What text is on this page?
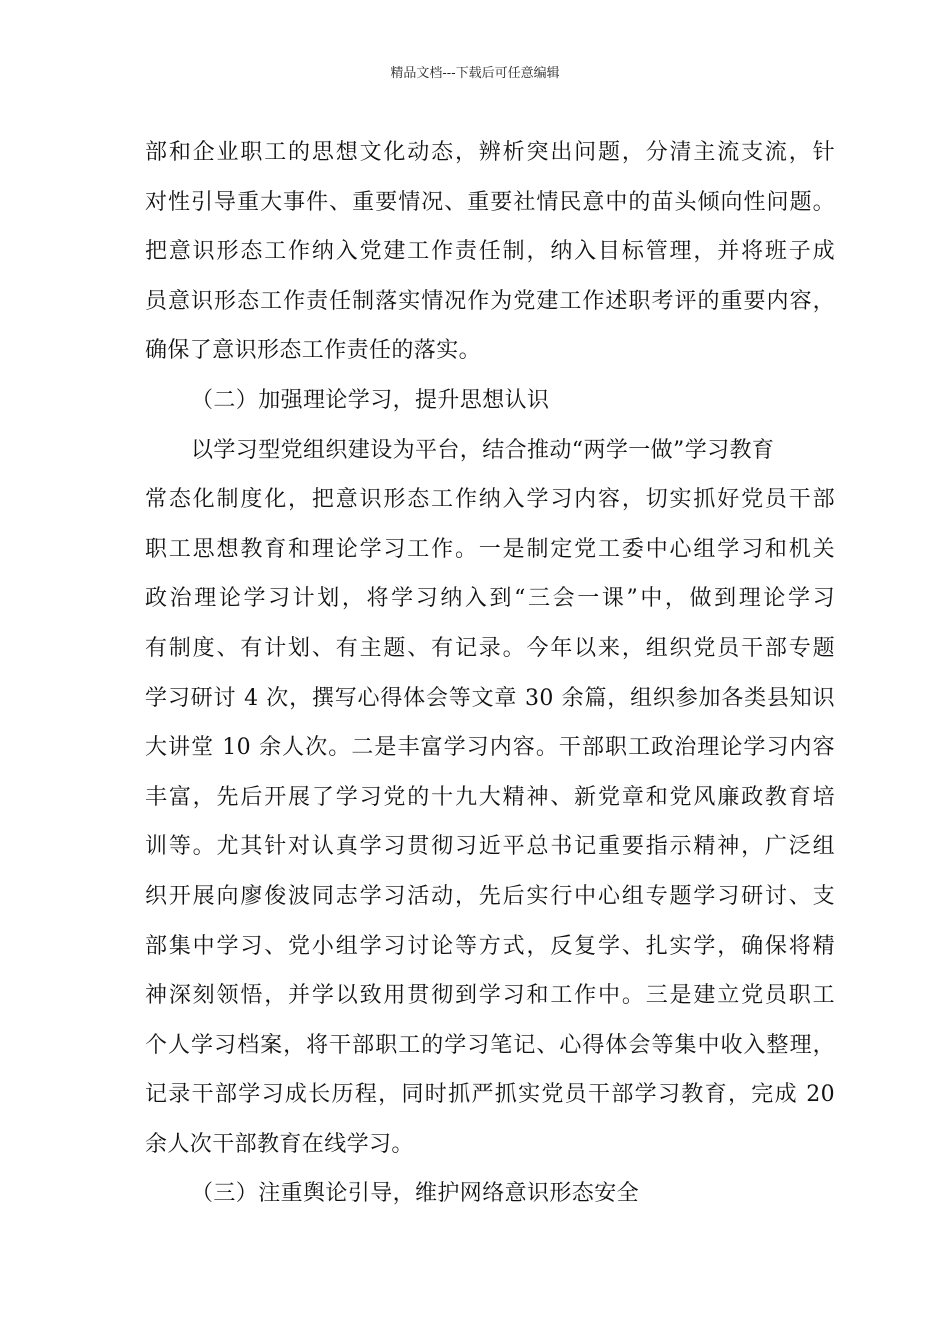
精品文档---下载后可任意编辑
部和企业职工的思想文化动态，辨析突出问题，分清主流支流，针
对性引导重大事件、重要情况、重要社情民意中的苗头倾向性问题。
把意识形态工作纳入党建工作责任制，纳入目标管理，并将班子成
员意识形态工作责任制落实情况作为党建工作述职考评的重要内容，
确保了意识形态工作责任的落实。
（二）加强理论学习，提升思想认识
以学习型党组织建设为平台，结合推动“两学一做”学习教育
常态化制度化，把意识形态工作纳入学习内容，切实抓好党员干部
职工思想教育和理论学习工作。一是制定党工委中心组学习和机关
政治理论学习计划，将学习纳入到“三会一课”中，做到理论学习
有制度、有计划、有主题、有记录。今年以来，组织党员干部专题
学习研讨 4 次，撰写心得体会等文章 30 余篇，组织参加各类县知识
大讲堂 10 余人次。二是丰富学习内容。干部职工政治理论学习内容
丰富，先后开展了学习党的十九大精神、新党章和党风廉政教育培
训等。尤其针对认真学习贯彻习近平总书记重要指示精神，广泛组
织开展向廖俊波同志学习活动，先后实行中心组专题学习研讨、支
部集中学习、党小组学习讨论等方式，反复学、扎实学，确保将精
神深刻领悟，并学以致用贯彻到学习和工作中。三是建立党员职工
个人学习档案，将干部职工的学习笔记、心得体会等集中收入整理，
记录干部学习成长历程，同时抓严抓实党员干部学习教育，完成 20
余人次干部教育在线学习。
（三）注重舆论引导，维护网络意识形态安全
